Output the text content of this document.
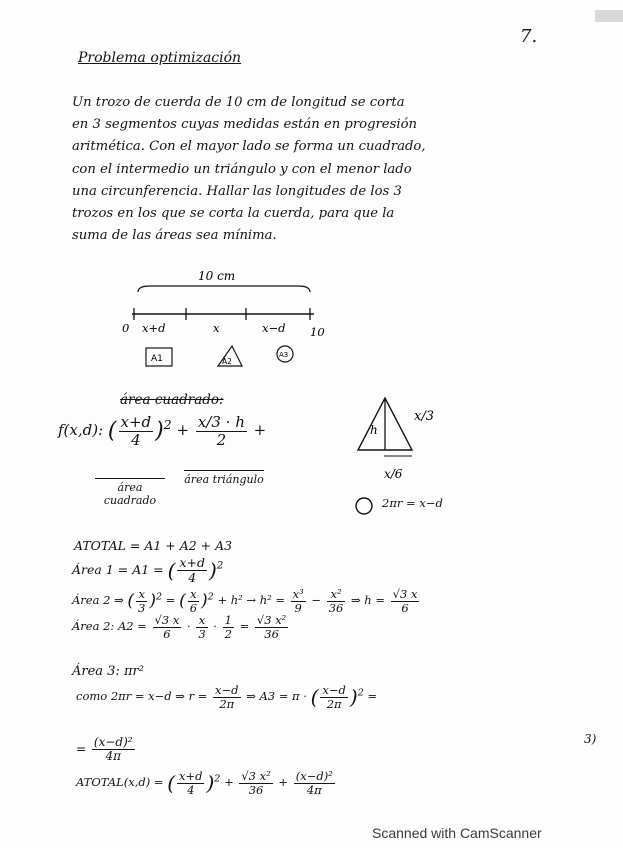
7.
Problema optimización
Un trozo de cuerda de 10 cm de longitud se corta
en 3 segmentos cuyas medidas están en progresión
aritmética. Con el mayor lado se forma un cuadrado,
con el intermedio un triángulo y con el menor lado
una circunferencia. Hallar las longitudes de los 3
trozos en los que se corta la cuerda, para que la
suma de las áreas sea mínima.
10 cm
0 x+d	x	x−d 10
A1	A2
A3
área cuadrado:
f(x,d): ( $\frac{x+d}{4} )^2 + \frac{x/3 \cdot h}{2}$ +
área cuadrado
área triángulo
h
x/3
x/6
2πr = x−d
ATOTAL = A1 + A2 + A3
Área 1 = A1 = ( $\frac{x+d}{4} )^2$
Área 2 ⇒ ( $\frac{x}{3} )^2$ = ( $\frac{x}{6} )^2 + h^2 \to h^2 = \frac{\text{x³}}{9} - \frac{\text{x²}}{36}$ ⇒ $h = \frac{√3 x}{6}$
Área 2: $A2 = \frac{√3 x}{6} \cdot \frac{x}{3} \cdot \frac{1}{2} = \frac{\text{√3 x²}}{36}$
Área 3: πr²
como 2πr = x−d ⇒ $r = \frac{x-d}{2\pi}$ ⇒ A3 = π · ( $\frac{x-d}{2\pi} )^2$ =
= $\frac{\text{(x−d)²}}{4\pi}$	3)
ATOTAL(x,d) = ( $\frac{x+d}{4} )^2 + \frac{\text{√3 x²}}{36} + \frac{\text{(x−d)²}}{4\pi}$
Scanned with CamScanner
